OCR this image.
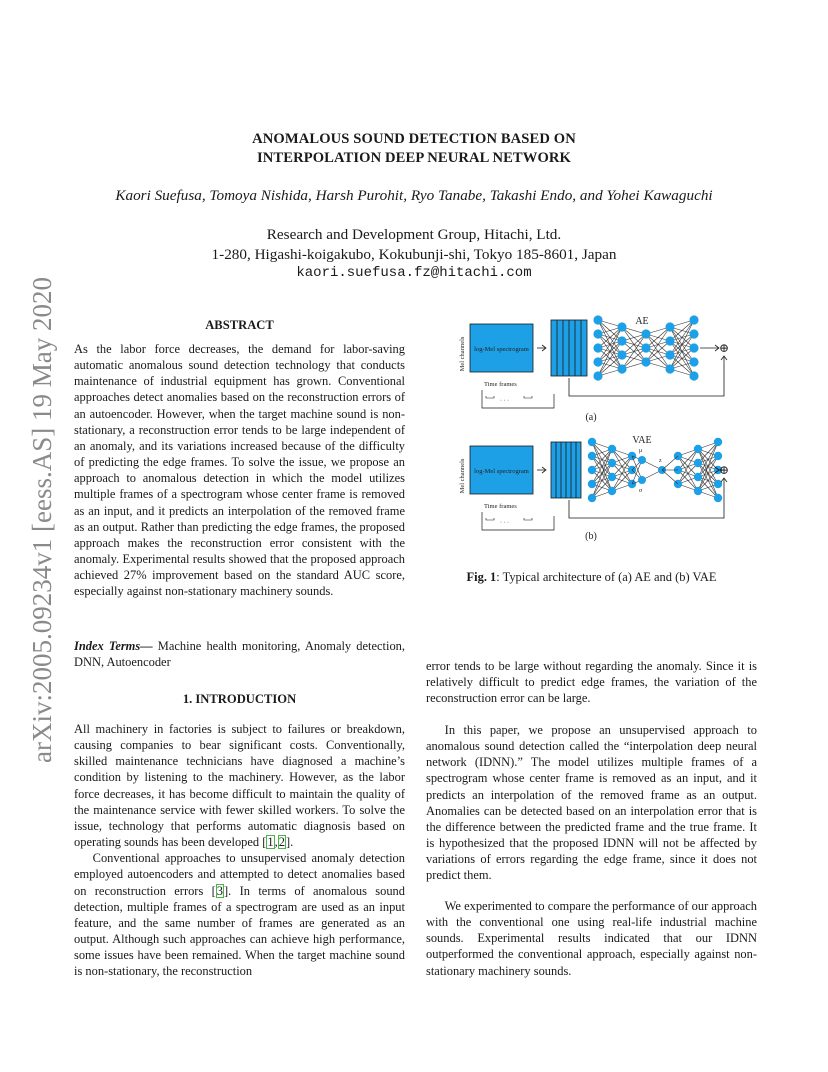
arXiv:2005.09234v1 [eess.AS] 19 May 2020
ANOMALOUS SOUND DETECTION BASED ON
INTERPOLATION DEEP NEURAL NETWORK
Kaori Suefusa, Tomoya Nishida, Harsh Purohit, Ryo Tanabe, Takashi Endo, and Yohei Kawaguchi
Research and Development Group, Hitachi, Ltd.
1-280, Higashi-koigakubo, Kokubunji-shi, Tokyo 185-8601, Japan
kaori.suefusa.fz@hitachi.com
ABSTRACT
As the labor force decreases, the demand for labor-saving automatic anomalous sound detection technology that conducts maintenance of industrial equipment has grown. Conventional approaches detect anomalies based on the reconstruction errors of an autoencoder. However, when the target machine sound is non-stationary, a reconstruction error tends to be large independent of an anomaly, and its variations increased because of the difficulty of predicting the edge frames. To solve the issue, we propose an approach to anomalous detection in which the model utilizes multiple frames of a spectrogram whose center frame is removed as an input, and it predicts an interpolation of the removed frame as an output. Rather than predicting the edge frames, the proposed approach makes the reconstruction error consistent with the anomaly. Experimental results showed that the proposed approach achieved 27% improvement based on the standard AUC score, especially against non-stationary machinery sounds.
Index Terms— Machine health monitoring, Anomaly detection, DNN, Autoencoder
1. INTRODUCTION

All machinery in factories is subject to failures or breakdown, causing companies to bear significant costs. Conventionally, skilled maintenance technicians have diagnosed a machine’s condition by listening to the machinery. However, as the labor force decreases, it has become difficult to maintain the quality of the maintenance service with fewer skilled workers. To solve the issue, technology that performs automatic diagnosis based on operating sounds has been developed [1,2].

Conventional approaches to unsupervised anomaly detection employed autoencoders and attempted to detect anomalies based on reconstruction errors [3]. In terms of anomalous sound detection, multiple frames of a spectrogram are used as an input feature, and the same number of frames are generated as an output. Although such approaches can achieve high performance, some issues have been remained. When the target machine sound is non-stationary, the reconstruction

AE
Mel channels log-Mel spectrogram
Time frames
· · ·
⊕
(a)
VAE
Mel channels log-Mel spectrogram
Time frames
· · ·
μ
σ
z
⊕
(b)
Fig. 1: Typical architecture of (a) AE and (b) VAE
error tends to be large without regarding the anomaly. Since it is relatively difficult to predict edge frames, the variation of the reconstruction error can be large.
In this paper, we propose an unsupervised approach to anomalous sound detection called the “interpolation deep neural network (IDNN).” The model utilizes multiple frames of a spectrogram whose center frame is removed as an input, and it predicts an interpolation of the removed frame as an output. Anomalies can be detected based on an interpolation error that is the difference between the predicted frame and the true frame. It is hypothesized that the proposed IDNN will not be affected by variations of errors regarding the edge frame, since it does not predict them.
We experimented to compare the performance of our approach with the conventional one using real-life industrial machine sounds. Experimental results indicated that our IDNN outperformed the conventional approach, especially against non-stationary machinery sounds.
